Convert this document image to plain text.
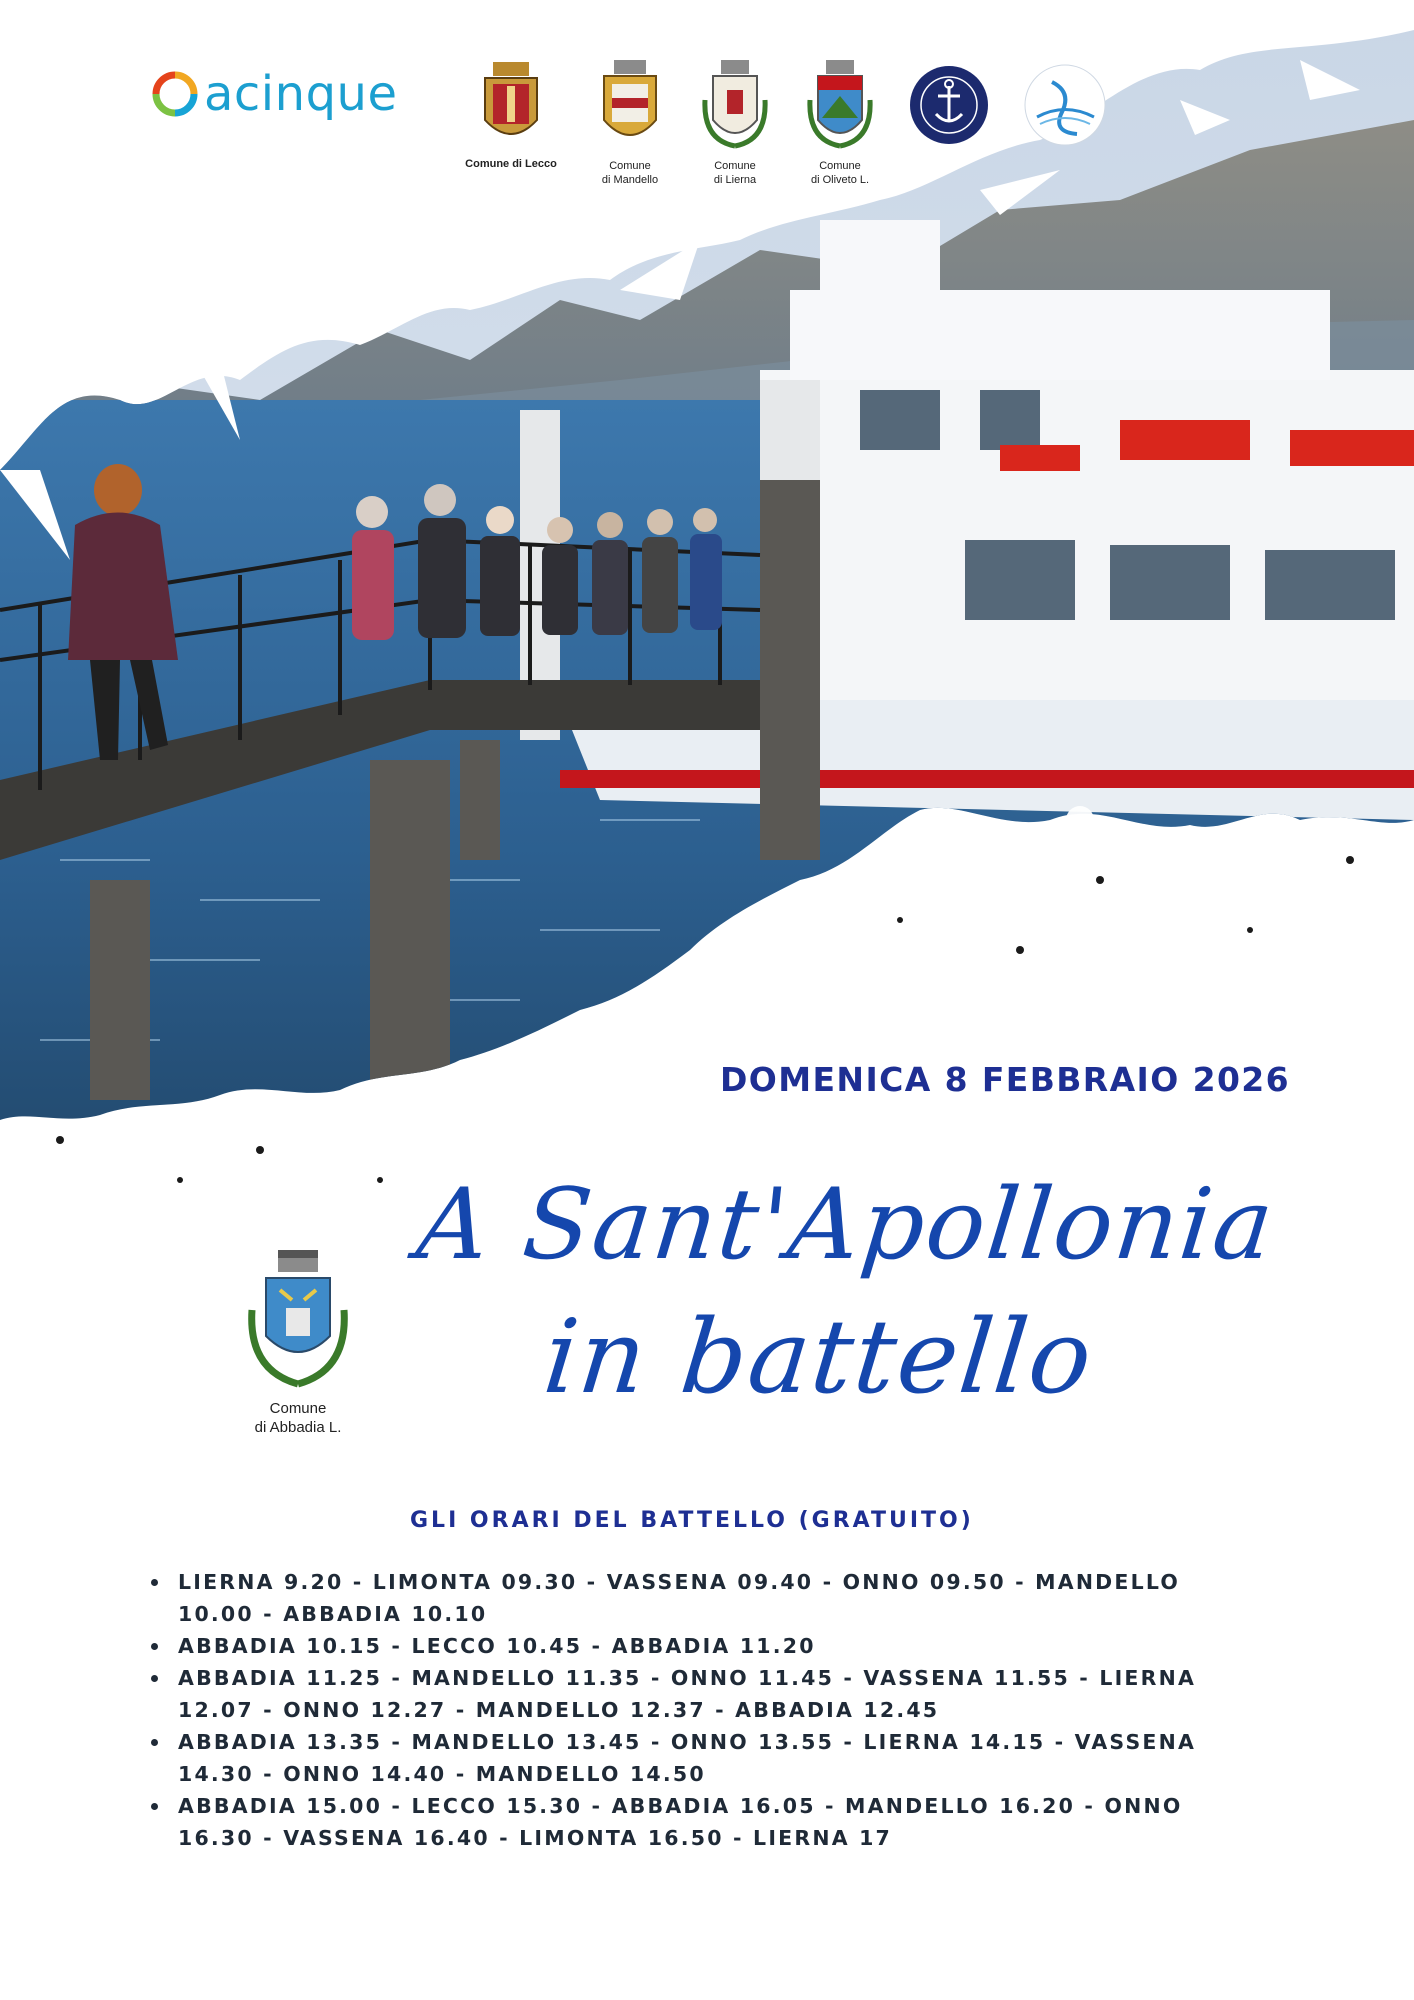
acinque
Comune di Lecco	Comune
di Mandello
Comune
di Lierna
Comune
di Oliveto L.
DOMENICA 8 FEBBRAIO 2026
A Sant'Apollonia
in battello
Comune
di Abbadia L.
GLI ORARI DEL BATTELLO (GRATUITO)
LIERNA 9.20 - LIMONTA 09.30 - VASSENA 09.40 - ONNO 09.50 - MANDELLO 10.00 - ABBADIA 10.10
ABBADIA 10.15 - LECCO 10.45 - ABBADIA 11.20
ABBADIA 11.25 - MANDELLO 11.35 - ONNO 11.45 - VASSENA 11.55 - LIERNA 12.07 - ONNO 12.27 - MANDELLO 12.37 - ABBADIA 12.45
ABBADIA 13.35 - MANDELLO 13.45 - ONNO 13.55 - LIERNA 14.15 - VASSENA 14.30 - ONNO 14.40 - MANDELLO 14.50
ABBADIA 15.00 - LECCO 15.30 - ABBADIA 16.05 - MANDELLO 16.20 - ONNO 16.30 - VASSENA 16.40 - LIMONTA 16.50 - LIERNA 17
